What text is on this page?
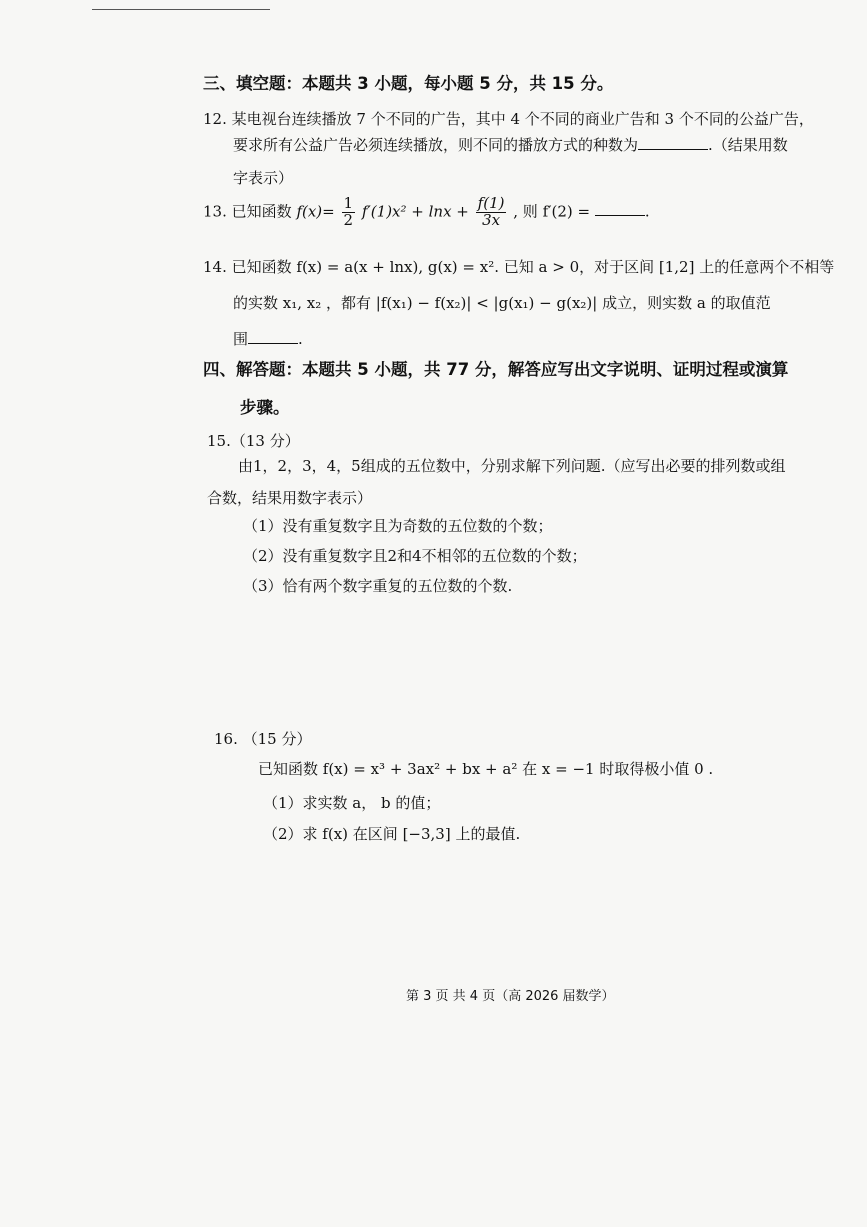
三、填空题：本题共 3 小题，每小题 5 分，共 15 分。
12. 某电视台连续播放 7 个不同的广告，其中 4 个不同的商业广告和 3 个不同的公益广告，
要求所有公益广告必须连续播放，则不同的播放方式的种数为	.（结果用数
字表示）
13. 已知函数 $f(x)= \frac{1}{2} f'(1)x^2 + \ln x + \frac{f(1)}{3x}$ , 则 f′(2) =	.
14. 已知函数 f(x) = a(x + lnx), g(x) = x². 已知 a > 0，对于区间 [1,2] 上的任意两个不相等
的实数 x₁, x₂ ，都有 |f(x₁) − f(x₂)| < |g(x₁) − g(x₂)| 成立，则实数 a 的取值范
围	.
四、解答题：本题共 5 小题，共 77 分，解答应写出文字说明、证明过程或演算
步骤。
15.（13 分）
由1，2，3，4，5组成的五位数中，分别求解下列问题.（应写出必要的排列数或组
合数，结果用数字表示）
（1）没有重复数字且为奇数的五位数的个数；
（2）没有重复数字且2和4不相邻的五位数的个数；
（3）恰有两个数字重复的五位数的个数.
16. （15 分）
已知函数 f(x) = x³ + 3ax² + bx + a² 在 x = −1 时取得极小值 0 .
（1）求实数 a， b 的值；
（2）求 f(x) 在区间 [−3,3] 上的最值.
第 3 页 共 4 页（高 2026 届数学）
